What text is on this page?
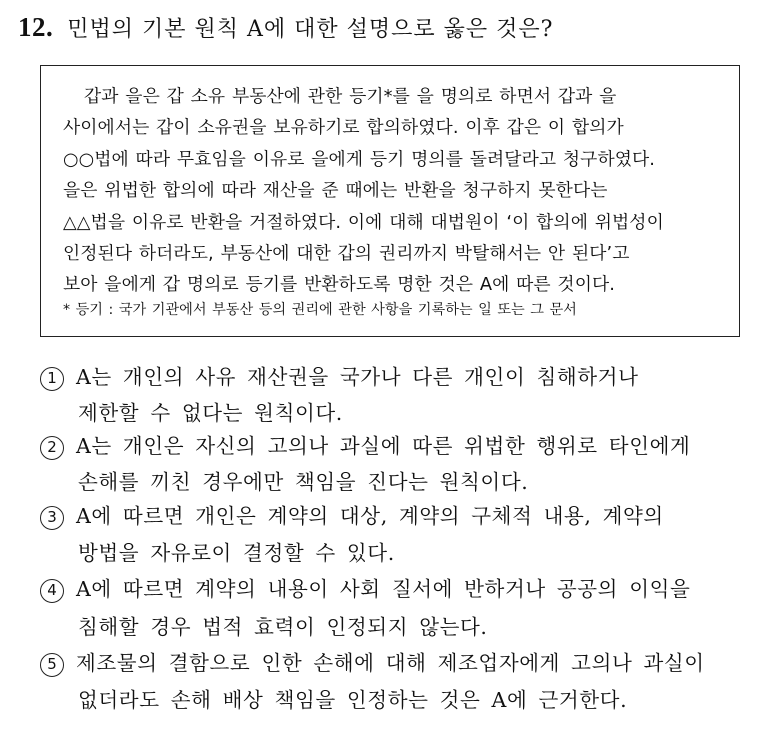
12. 민법의 기본 원칙 A에 대한 설명으로 옳은 것은?
갑과 을은 갑 소유 부동산에 관한 등기*를 을 명의로 하면서 갑과 을
사이에서는 갑이 소유권을 보유하기로 합의하였다. 이후 갑은 이 합의가
○○법에 따라 무효임을 이유로 을에게 등기 명의를 돌려달라고 청구하였다.
을은 위법한 합의에 따라 재산을 준 때에는 반환을 청구하지 못한다는
△△법을 이유로 반환을 거절하였다. 이에 대해 대법원이 ‘이 합의에 위법성이
인정된다 하더라도, 부동산에 대한 갑의 권리까지 박탈해서는 안 된다’고
보아 을에게 갑 명의로 등기를 반환하도록 명한 것은 A에 따른 것이다.
* 등기 : 국가 기관에서 부동산 등의 권리에 관한 사항을 기록하는 일 또는 그 문서
1 A는 개인의 사유 재산권을 국가나 다른 개인이 침해하거나
제한할 수 없다는 원칙이다.
2 A는 개인은 자신의 고의나 과실에 따른 위법한 행위로 타인에게
손해를 끼친 경우에만 책임을 진다는 원칙이다.
3 A에 따르면 개인은 계약의 대상, 계약의 구체적 내용, 계약의
방법을 자유로이 결정할 수 있다.
4 A에 따르면 계약의 내용이 사회 질서에 반하거나 공공의 이익을
침해할 경우 법적 효력이 인정되지 않는다.
5 제조물의 결함으로 인한 손해에 대해 제조업자에게 고의나 과실이
없더라도 손해 배상 책임을 인정하는 것은 A에 근거한다.
